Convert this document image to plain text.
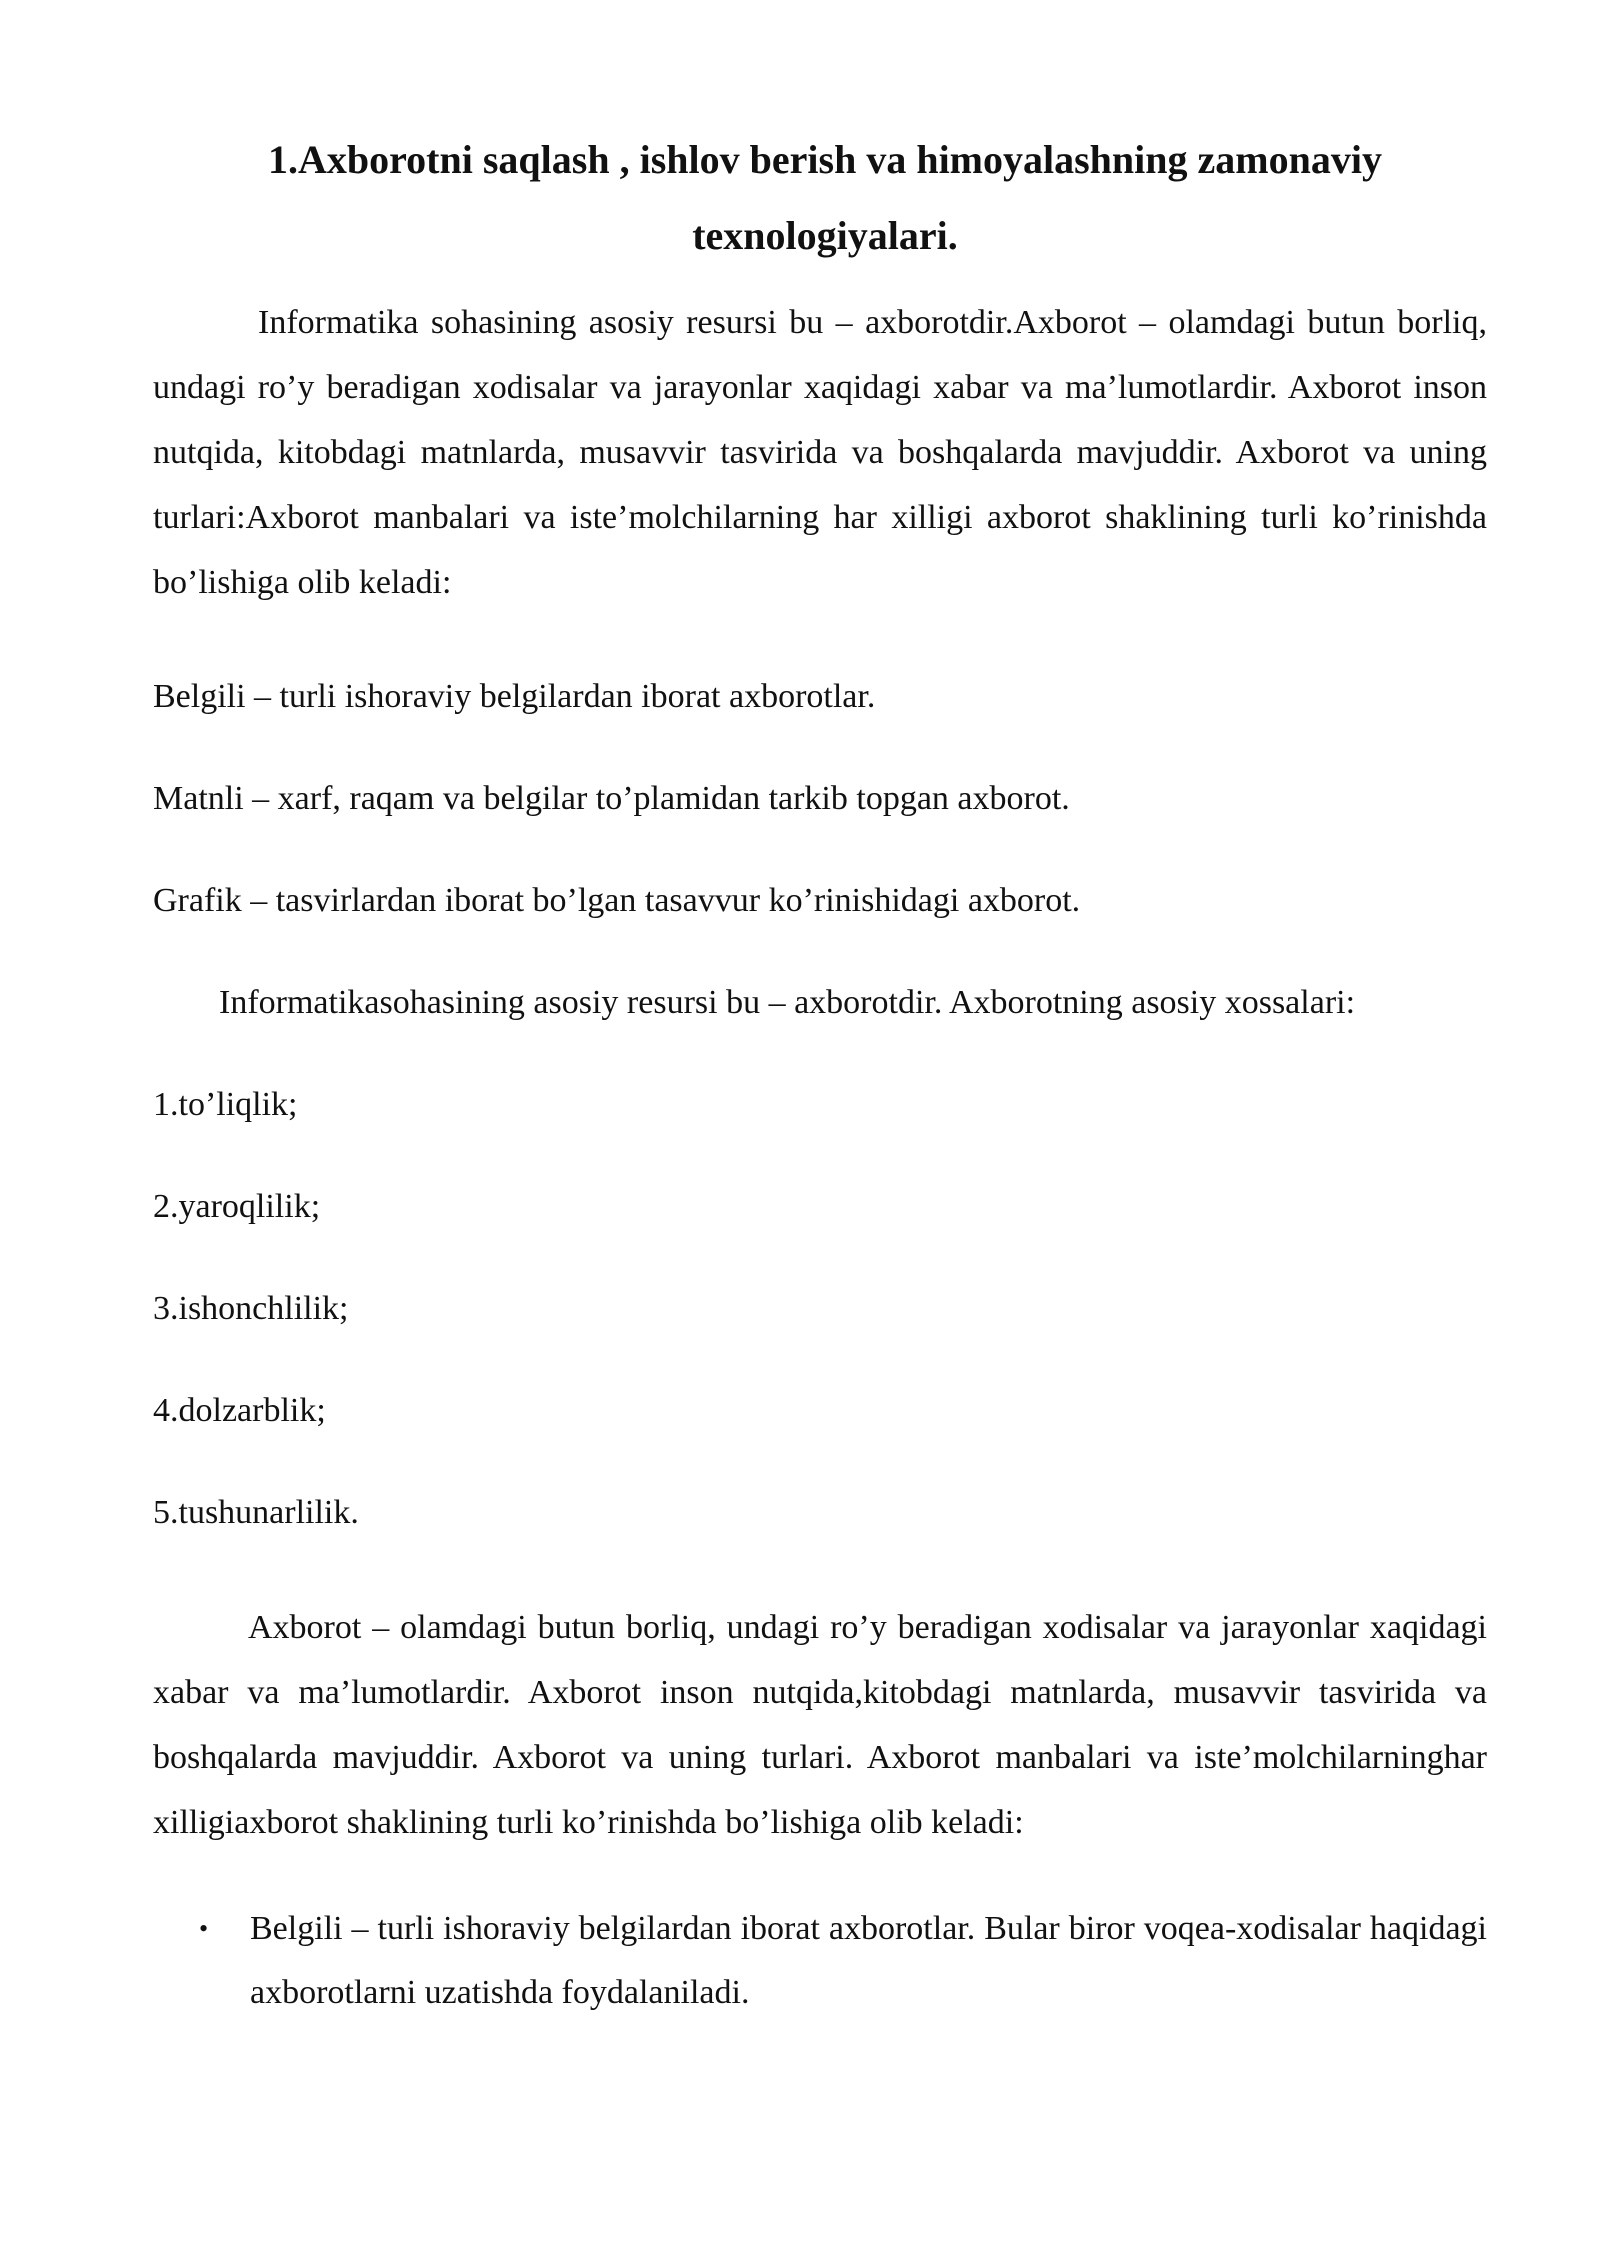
1.Axborotni saqlash , ishlov berish va himoyalashning zamonaviy texnologiyalari.

Informatika sohasining asosiy resursi bu – axborotdir.Axborot – olamdagi butun borliq, undagi ro’y beradigan xodisalar va jarayonlar xaqidagi xabar va ma’lumotlardir. Axborot inson nutqida, kitobdagi matnlarda, musavvir tasvirida va boshqalarda mavjuddir. Axborot va uning turlari:Axborot manbalari va iste’molchilarning har xilligi axborot shaklining turli ko’rinishda bo’lishiga olib keladi:

Belgili – turli ishoraviy belgilardan iborat axborotlar.

Matnli – xarf, raqam va belgilar to’plamidan tarkib topgan axborot.

Grafik – tasvirlardan iborat bo’lgan tasavvur ko’rinishidagi axborot.

Informatikasohasining asosiy resursi bu – axborotdir. Axborotning asosiy xossalari:

1.to’liqlik;

2.yaroqlilik;

3.ishonchlilik;

4.dolzarblik;

5.tushunarlilik.

Axborot – olamdagi butun borliq, undagi ro’y beradigan xodisalar va jarayonlar xaqidagi xabar va ma’lumotlardir. Axborot inson nutqida,kitobdagi matnlarda, musavvir tasvirida va boshqalarda mavjuddir. Axborot va uning turlari. Axborot manbalari va iste’molchilarninghar xilligiaxborot shaklining turli ko’rinishda bo’lishiga olib keladi:

• Belgili – turli ishoraviy belgilardan iborat axborotlar. Bular biror voqea-xodisalar haqidagi axborotlarni uzatishda foydalaniladi.
